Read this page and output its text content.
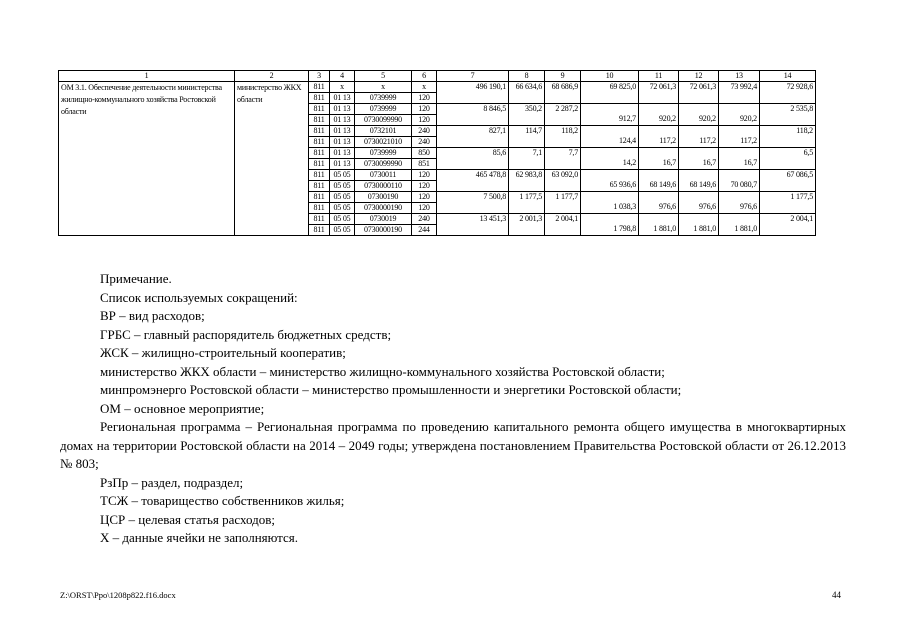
1	2	3	4	5	6	7	8	9	10	11	12	13	14
ОМ 3.1. Обеспечение деятельности министерства жилищно-коммунального хозяйства Ростовской области	министерство ЖКХ области	811	x	x	x	496 190,1	66 634,6	68 686,9	69 825,0	72 061,3	72 061,3	73 992,4	72 928,6

		811	01 13	0739999	120								
		811	01 13	0739999	120	8 846,5	350,2	2 287,2	912,7	920,2	920,2	920,2	2 535,8

		811	01 13	0730099990	120								
		811	01 13	0732101	240	827,1	114,7	118,2	124,4	117,2	117,2	117,2	118,2

		811	01 13	0730021010	240								
		811	01 13	0739999	850	85,6	7,1	7,7	14,2	16,7	16,7	16,7	6,5

		811	01 13	0730099990	851								
		811	05 05	0730011	120	465 478,8	62 983,8	63 092,0	65 936,6	68 149,6	68 149,6	70 080,7	67 086,5

		811	05 05	0730000110	120								
		811	05 05	07300190	120	7 500,8	1 177,5	1 177,7	1 038,3	976,6	976,6	976,6	1 177,5

		811	05 05	0730000190	120								
		811	05 05	0730019	240	13 451,3	2 001,3	2 004,1	1 798,8	1 881,0	1 881,0	1 881,0	2 004,1

		811	05 05	0730000190	244								

Примечание.

Список используемых сокращений:

ВР – вид расходов;

ГРБС – главный распорядитель бюджетных средств;

ЖСК – жилищно-строительный кооператив;

министерство ЖКХ области – министерство жилищно-коммунального хозяйства Ростовской области;

минпромэнерго Ростовской области – министерство промышленности и энергетики Ростовской области;

ОМ – основное мероприятие;

Региональная программа – Региональная программа по проведению капитального ремонта общего имущества в многоквартирных домах на территории Ростовской области на 2014 – 2049 годы; утверждена постановлением Правительства Ростовской области от 26.12.2013 № 803;

РзПр – раздел, подраздел;

ТСЖ – товарищество собственников жилья;

ЦСР – целевая статья расходов;

Х – данные ячейки не заполняются.

Z:\ORST\Ppo\1208p822.f16.docx	44
